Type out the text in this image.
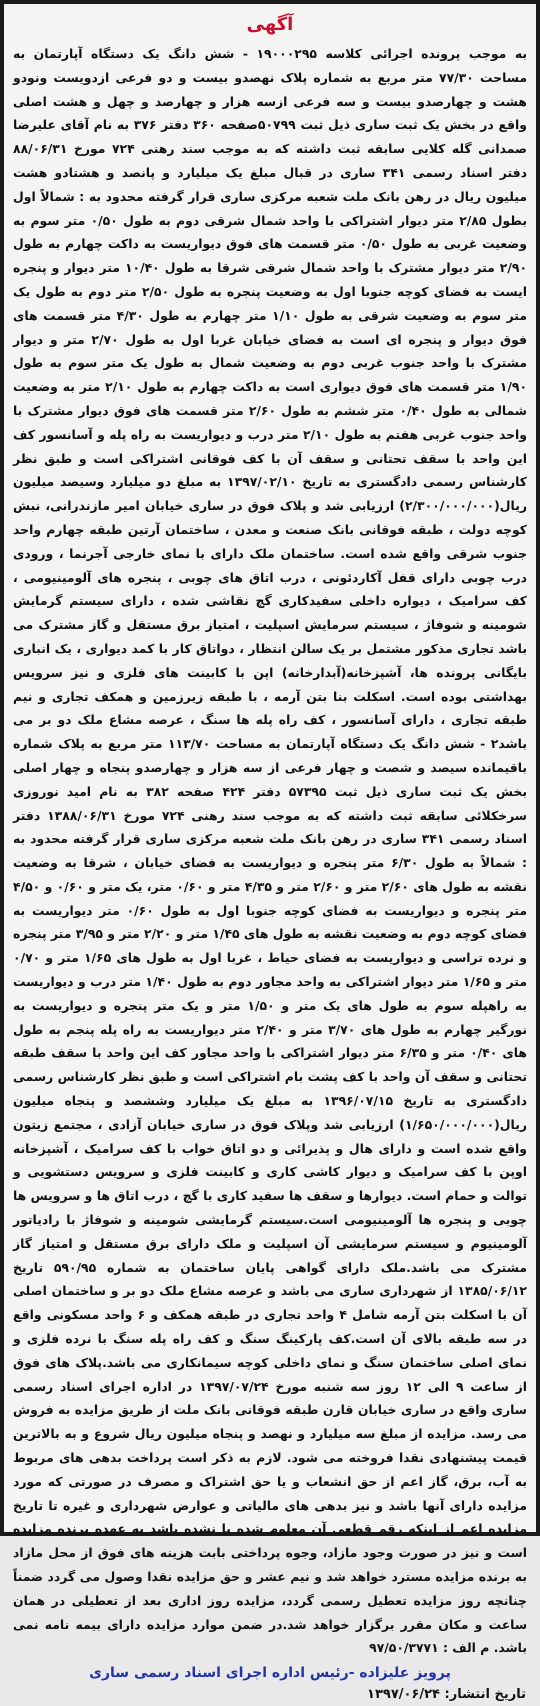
آگهی

به موجب پرونده اجرائی کلاسه ۱۹۰۰۰۲۹۵ - شش دانگ یک دستگاه آپارتمان به مساحت ۷۷/۳۰ متر مربع به شماره پلاک نهصدو بیست و دو فرعی ازدویست ونودو هشت و چهارصدو بیست و سه فرعی ازسه هزار و چهارصد و چهل و هشت اصلی واقع در بخش یک ثبت ساری ذیل ثبت ۵۰۷۹۹صفحه ۳۶۰ دفتر ۳۷۶ به نام آقای علیرضا صمدانی گله کلایی سابقه ثبت داشته که به موجب سند رهنی ۷۲۴ مورخ ۸۸/۰۶/۳۱ دفتر اسناد رسمی ۳۴۱ ساری در قبال مبلغ یک میلیارد و پانصد و هشتادو هشت میلیون ریال در رهن بانک ملت شعبه مرکزی ساری قرار گرفته محدود به : شمالاً اول بطول ۲/۸۵ متر دیوار اشتراکی با واحد شمال شرقی دوم به طول ۰/۵۰ متر سوم به وضعیت غربی به طول ۰/۵۰ متر قسمت های فوق دیواریست به داکت چهارم به طول ۲/۹۰ متر دیوار مشترک با واحد شمال شرقی شرقا به طول ۱۰/۴۰ متر دیوار و پنجره ایست به فضای کوچه جنوبا اول به وضعیت پنجره به طول ۲/۵۰ متر دوم به طول یک متر سوم به وضعیت شرقی به طول ۱/۱۰ متر چهارم به طول ۴/۳۰ متر قسمت های فوق دیوار و پنجره ای است به فضای خیابان غربا اول به طول ۲/۷۰ متر و دیوار مشترک با واحد جنوب غربی دوم به وضعیت شمال به طول یک متر سوم به طول ۱/۹۰ متر قسمت های فوق دیواری است به داکت چهارم به طول ۲/۱۰ متر به وضعیت شمالی به طول ۰/۴۰ متر ششم به طول ۲/۶۰ متر قسمت های فوق دیوار مشترک با واحد جنوب غربی هفتم به طول ۲/۱۰ متر درب و دیواریست به راه پله و آسانسور کف این واحد با سقف تحتانی و سقف آن با کف فوقانی اشتراکی است و طبق نظر کارشناس رسمی دادگستری به تاریخ ۱۳۹۷/۰۲/۱۰ به مبلغ دو میلیارد وسیصد میلیون ریال(۲/۳۰۰/۰۰۰/۰۰۰) ارزیابی شد و پلاک فوق در ساری خیابان امیر مازندرانی، نبش کوچه دولت ، طبقه فوقانی بانک صنعت و معدن ، ساختمان آرتین طبقه چهارم واحد جنوب شرقی واقع شده است. ساختمان ملک دارای با نمای خارجی آجرنما ، ورودی درب چوبی دارای قفل آکاردئونی ، درب اتاق های چوبی ، پنجره های آلومینیومی ، کف سرامیک ، دیواره داخلی سفیدکاری گچ نقاشی شده ، دارای سیستم گرمایش شومینه و شوفاژ ، سیستم سرمایش اسپلیت ، امتیاز برق مستقل و گاز مشترک می باشد تجاری مذکور مشتمل بر یک سالن انتظار ، دواتاق کار با کمد دیواری ، یک انباری بایگانی پرونده ها، آشپزخانه(آبدارخانه) اپن با کابینت های فلزی و نیز سرویس بهداشتی بوده است. اسکلت بنا بتن آرمه ، با طبقه زیرزمین و همکف تجاری و نیم طبقه تجاری ، دارای آسانسور ، کف راه پله ها سنگ ، عرصه مشاع ملک دو بر می باشد۲ - شش دانگ یک دستگاه آپارتمان به مساحت ۱۱۳/۷۰ متر مربع به پلاک شماره باقیمانده سیصد و شصت و چهار فرعی از سه هزار و چهارصدو پنجاه و چهار اصلی بخش یک ثبت ساری ذیل ثبت ۵۷۳۹۵ دفتر ۴۲۴ صفحه ۳۸۲ به نام امید نوروزی سرخکلائی سابقه ثبت داشته که به موجب سند رهنی ۷۲۴ مورخ ۱۳۸۸/۰۶/۳۱ دفتر اسناد رسمی ۳۴۱ ساری در رهن بانک ملت شعبه مرکزی ساری قرار گرفته محدود به : شمالاً به طول ۶/۳۰ متر پنجره و دیواریست به فضای خیابان ، شرقا به وضعیت نقشه به طول های ۲/۶۰ متر و ۲/۶۰ متر و ۴/۳۵ متر و ۰/۶۰ متر، یک متر و ۰/۶۰ و ۴/۵۰ متر پنجره و دیواریست به فضای کوچه جنوبا اول به طول ۰/۶۰ متر دیواریست به فضای کوچه دوم به وضعیت نقشه به طول های ۱/۴۵ متر و ۲/۲۰ متر و ۳/۹۵ متر پنجره و نرده تراسی و دیواریست به فضای حیاط ، غربا اول به طول های ۱/۶۵ متر و ۰/۷۰ متر و ۱/۶۵ متر دیوار اشتراکی به واحد مجاور دوم به طول ۱/۴۰ متر درب و دیواریست به راهپله سوم به طول های یک متر و ۱/۵۰ متر و یک متر پنجره و دیواریست به نورگیر چهارم به طول های ۳/۷۰ متر و ۲/۴۰ متر دیواریست به راه پله پنجم به طول های ۰/۴۰ متر و ۶/۳۵ متر دیوار اشتراکی با واحد مجاور کف این واحد با سقف طبقه تحتانی و سقف آن واحد با کف پشت بام اشتراکی است و طبق نظر کارشناس رسمی دادگستری به تاریخ ۱۳۹۶/۰۷/۱۵ به مبلغ یک میلیارد وششصد و پنجاه میلیون ریال(۱/۶۵۰/۰۰۰/۰۰۰) ارزیابی شد وپلاک فوق در ساری خیابان آزادی ، مجتمع زیتون واقع شده است و دارای هال و پذیرائی و دو اتاق خواب با کف سرامیک ، آشپزخانه اوپن با کف سرامیک و دیوار کاشی کاری و کابینت فلزی و سرویس دستشویی و توالت و حمام است. دیوارها و سقف ها سفید کاری با گچ ، درب اتاق ها و سرویس ها چوبی و پنجره ها آلومینیومی است.سیستم گرمایشی شومینه و شوفاژ با رادیاتور آلومینیوم و سیستم سرمایشی آن اسپلیت و ملک دارای برق مستقل و امتیاز گاز مشترک می باشد.ملک دارای گواهی پایان ساختمان به شماره ۵۹۰/۹۵ تاریخ ۱۳۸۵/۰۶/۱۲ از شهرداری ساری می باشد و عرصه مشاع ملک دو بر و ساختمان اصلی آن با اسکلت بتن آرمه شامل ۴ واحد تجاری در طبقه همکف و ۶ واحد مسکونی واقع در سه طبقه بالای آن است.کف پارکینگ سنگ و کف راه پله سنگ با نرده فلزی و نمای اصلی ساختمان سنگ و نمای داخلی کوچه سیمانکاری می باشد.پلاک های فوق از ساعت ۹ الی ۱۲ روز سه شنبه مورخ ۱۳۹۷/۰۷/۲۴ در اداره اجرای اسناد رسمی ساری واقع در ساری خیابان قارن طبقه فوقانی بانک ملت از طریق مزایده به فروش می رسد. مزایده از مبلغ سه میلیارد و نهصد و پنجاه میلیون ریال شروع و به بالاترین قیمت پیشنهادی نقدا فروخته می شود. لازم به ذکر است پرداخت بدهی های مربوط به آب، برق، گاز اعم از حق انشعاب و یا حق اشتراک و مصرف در صورتی که مورد مزایده دارای آنها باشد و نیز بدهی های مالیاتی و عوارض شهرداری و غیره تا تاریخ مزایده اعم از اینکه رقم قطعی آن معلوم شده یا نشده باشد به عهده برنده مزایده است و نیز در صورت وجود مازاد، وجوه پرداختی بابت هزینه های فوق از محل مازاد به برنده مزایده مسترد خواهد شد و نیم عشر و حق مزایده نقدا وصول می گردد ضمناً چنانچه روز مزایده تعطیل رسمی گردد، مزایده روز اداری بعد از تعطیلی در همان ساعت و مکان مقرر برگزار خواهد شد.در ضمن موارد مزایده دارای بیمه نامه نمی باشد. م الف : ۹۷/۵۰/۳۷۷۱

پرویز علیزاده -رئیس اداره اجرای اسناد رسمی ساری
تاریخ انتشار: ۱۳۹۷/۰۶/۲۴
